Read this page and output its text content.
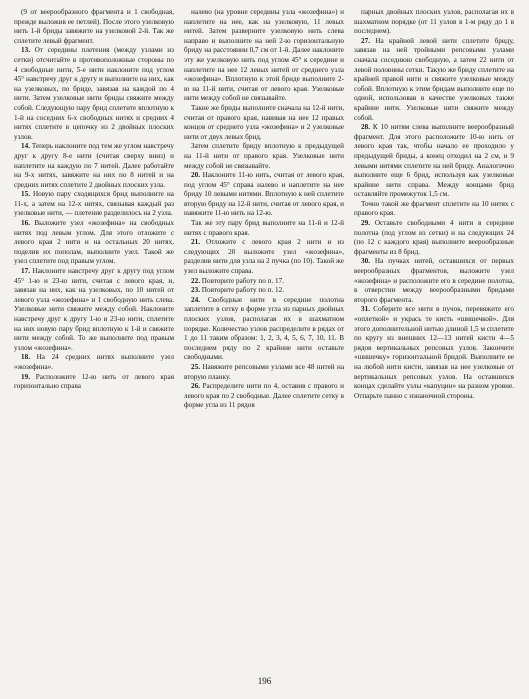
(9 от веерообразного фрагмента и 1 свободная, прежде выложив ее петлей). После этого узелковую нить 1-й бриды завяжите на узелковой 2-й. Так же сплетите левый фрагмент.

13. От середины плетения (между узлами из сетки) отсчитайте в противоположные стороны по 4 свободные нити, 5-е нити наклоните под углом 45° навстречу друг к другу и выполните на них, как на узелковых, по бриде, завязав на каждой по 4 нити. Затем узелковые нити бриды свяжите между собой. Следующую пару брид сплетите вплотную к 1-й на соседних 6-х свободных нитях и средних 4 нитях сплетите в цепочку из 2 двойных плоских узлов.

14. Теперь наклоните под тем же углом навстречу друг к другу 8-е нити (считая сверху вниз) и наплетите на каждую по 7 нитей. Далее работайте на 9-х нитях, завяжите на них по 8 нитей и на средних нитях сплетите 2 двойных плоских узла.

15. Новую пару сходящихся брид выполните на 11-х, а затем на 12-х нитях, связывая каждый раз узелковые нити, — плетение разделилось на 2 узла.

16. Выложите узел «жозефина» на свободных нитях под левым углом. Для этого отложите с левого края 2 нити и на остальных 20 нитях, поделив их пополам, выполните узел. Такой же узел сплетите под правым углом.

17. Наклоните навстречу друг к другу под углом 45° 1-ю и 23-ю нити, считая с левого края, и, завязав на них, как на узелковых, по 10 нитей от левого узла «жозефина» и 1 свободную нить слева. Узелковые нити свяжите между собой. Наклоните навстречу друг к другу 1-ю и 23-ю нити, сплетите на них новую пару брид вплотную к 1-й и свяжите нити между собой. То же выполните под правым узлом «жозефина».

18. На 24 средних нитях выполните узел «жозефина».

19. Расположите 12-ю нить от левого края горизонтально справа

налево (на уровне середины узла «жозефина») и наплетите на нее, как на узелковую, 11 левых нитей. Затем разверните узелковую нить слева направо и выполните на ней 2-ю горизонтальную бриду на расстоянии 0,7 см от 1-й. Далее наклоните эту же узелковую нить под углом 45° к середине и наплетите на нее 12 левых нитей от среднего узла «жозефина». Вплотную к этой бриде выполните 2-ю на 11-й нити, считая от левого края. Узелковые нити между собой не связывайте.

Такие же бриды выполните сначала на 12-й нити, считая от правого края, навивая на нее 12 правых концов от среднего узла «жозефина» и 2 узелковые нити от двух левых брид.

Затем сплетите бриду вплотную к предыдущей на 11-й нити от правого края. Узелковые нити между собой не связывайте.

20. Наклоните 11-ю нить, считая от левого края, под углом 45° справа налево и наплетите на нее бриду 10 левыми нитями. Вплотную к ней сплетите вторую бриду на 12-й нити, считая от левого края, и навяжите 11-ю нить на 12-ю.

Так же эту пару брид выполните на 11-й и 12-й нитях с правого края.

21. Отложите с левого края 2 нити и из следующих 20 выложите узел «жозефина», разделив нити для узла на 2 пучка (по 10). Такой же узел выложите справа.

22. Повторите работу по п. 17.

23. Повторите работу по п. 12.

24. Свободные нити в середине полотна заплетите в сетку в форме угла из парных двойных плоских узлов, располагая их в шахматном порядке. Количество узлов распределите в рядах от 1 до 11 таким образом: 1, 2, 3, 4, 5, 6, 7, 10, 11. В последнем ряду по 2 крайние нити оставьте свободными.

25. Навяжите репсовыми узлами все 48 нитей на вторую планку.

26. Распределите нити по 4, оставив с правого и левого края по 2 свободные. Далее сплетите сетку в форме угла из 11 рядов

парных двойных плоских узлов, располагая их в шахматном порядке (от 11 узлов в 1-м ряду до 1 в последнем).

27. На крайней левой нити сплетите бриду, завязав на ней тройными репсовыми узлами сначала соседнюю свободную, а затем 22 нити от левой половины сетки. Такую же бриду сплетите на крайней правой нити и свяжите узелковые между собой. Вплотную к этим бридам выполните еще по одной, использовав в качестве узелковых также крайние нити. Узелковые нити свяжите между собой.

28. К 10 нитям слева выполните веерообразный фрагмент. Для этого расположите 10-ю нить от левого края так, чтобы начало ее проходило у предыдущей бриды, а конец отходил на 2 см, и 9 левыми нитями сплетите на ней бриду. Аналогично выполните еще 6 брид, используя как узелковые крайние нити справа. Между концами брид оставляйте промежуток 1,5 см.

Точно такой же фрагмент сплетите на 10 нитях с правого края.

29. Оставьте свободными 4 нити в середине полотна (под углом из сетки) и на следующих 24 (по 12 с каждого края) выполните веерообразные фрагменты из 8 брид.

30. На пучках нитей, оставшихся от первых веерообразных фрагментов, выложите узел «жозефина» и расположите его в середине полотна, в отверстии между веерообразными бридами второго фрагмента.

31. Соберите все нити в пучок, перевяжите его «оплеткой» и укрась те кисть «шишечкой». Для этого дополнительной нитью длиной 1,5 м сплетите по кругу из внешних 12—13 нитей кисти 4—5 рядов вертикальных репсовых узлов. Закончите «шишечку» горизонтальной бридой. Выполните ее на любой нити кисти, завязав на нее узелковые от вертикальных репсовых узлов. На оставшихся концах сделайте узлы «капуцин» на разном уровне. Отпарьте панно с изнаночной стороны.

196
